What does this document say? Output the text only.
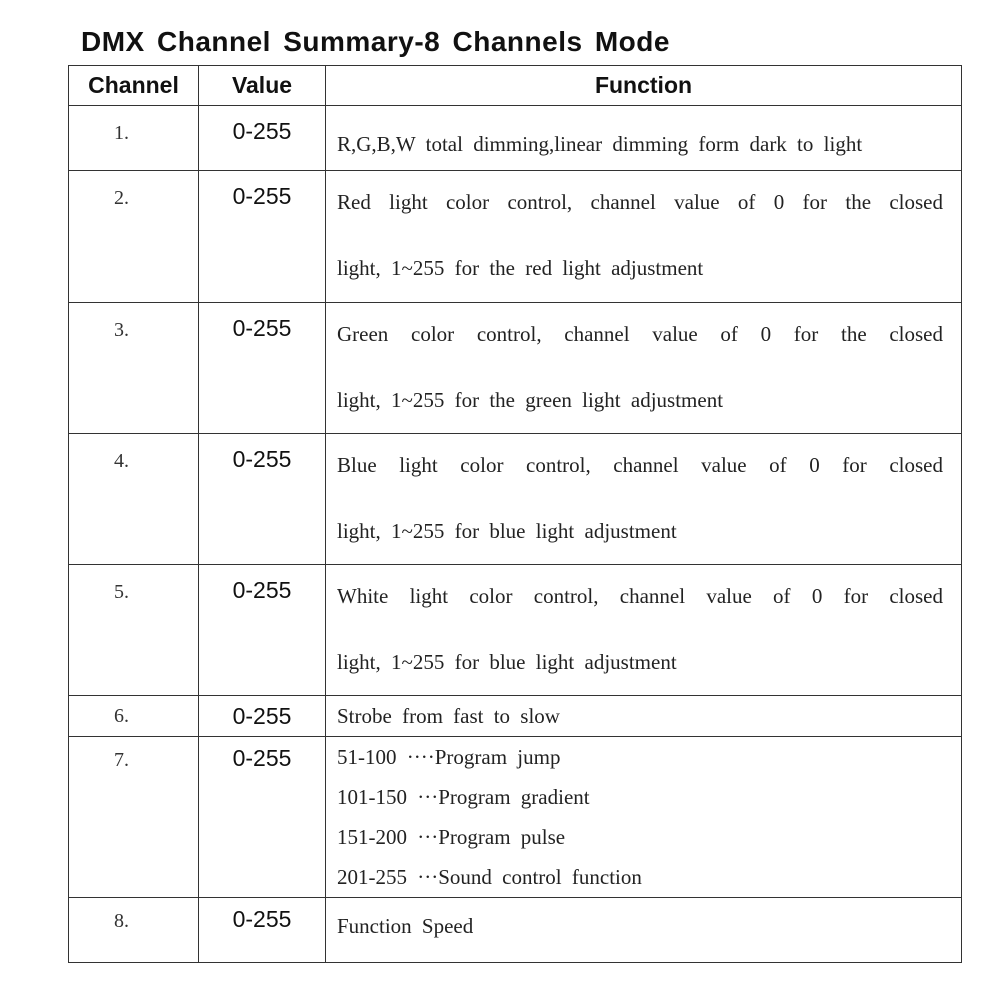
DMX Channel Summary-8 Channels Mode
Channel	Value	Function
1.	0-255	R,G,B,W total dimming,linear dimming form dark to light

2.	0-255	Red light color control, channel value of 0 for the closed
light, 1~255 for the red light adjustment

3.	0-255	Green color control, channel value of 0 for the closed
light, 1~255 for the green light adjustment

4.	0-255	Blue light color control, channel value of 0 for closed
light, 1~255 for blue light adjustment

5.	0-255	White light color control, channel value of 0 for closed
light, 1~255 for blue light adjustment

6.	0-255	Strobe from fast to slow

7.	0-255	51-100 ····Program jump
101-150 ···Program gradient
151-200 ···Program pulse
201-255 ···Sound control function

8.	0-255	Function Speed
